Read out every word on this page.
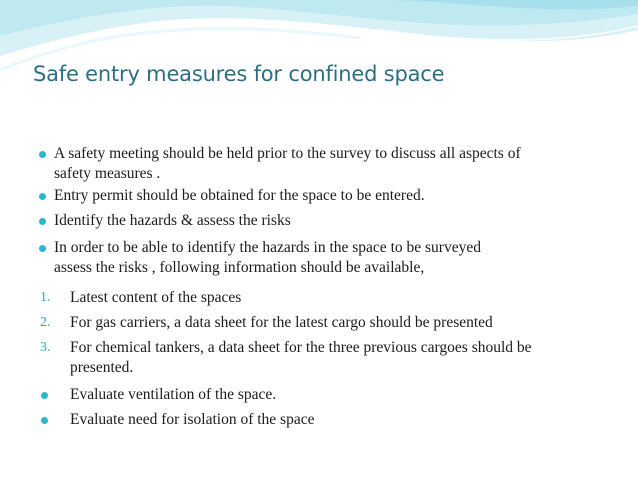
Safe entry measures for confined space
A safety meeting should be held prior to the survey to discuss all aspects of
safety measures .
Entry permit should be obtained for the space to be entered.
Identify the hazards & assess the risks
In order to be able to identify the hazards in the space to be surveyed
assess the risks , following information should be available,
1. Latest content of the spaces
2. For gas carriers, a data sheet for the latest cargo should be presented
3. For chemical tankers, a data sheet for the three previous cargoes should be
presented.
Evaluate ventilation of the space.
Evaluate need for isolation of the space
